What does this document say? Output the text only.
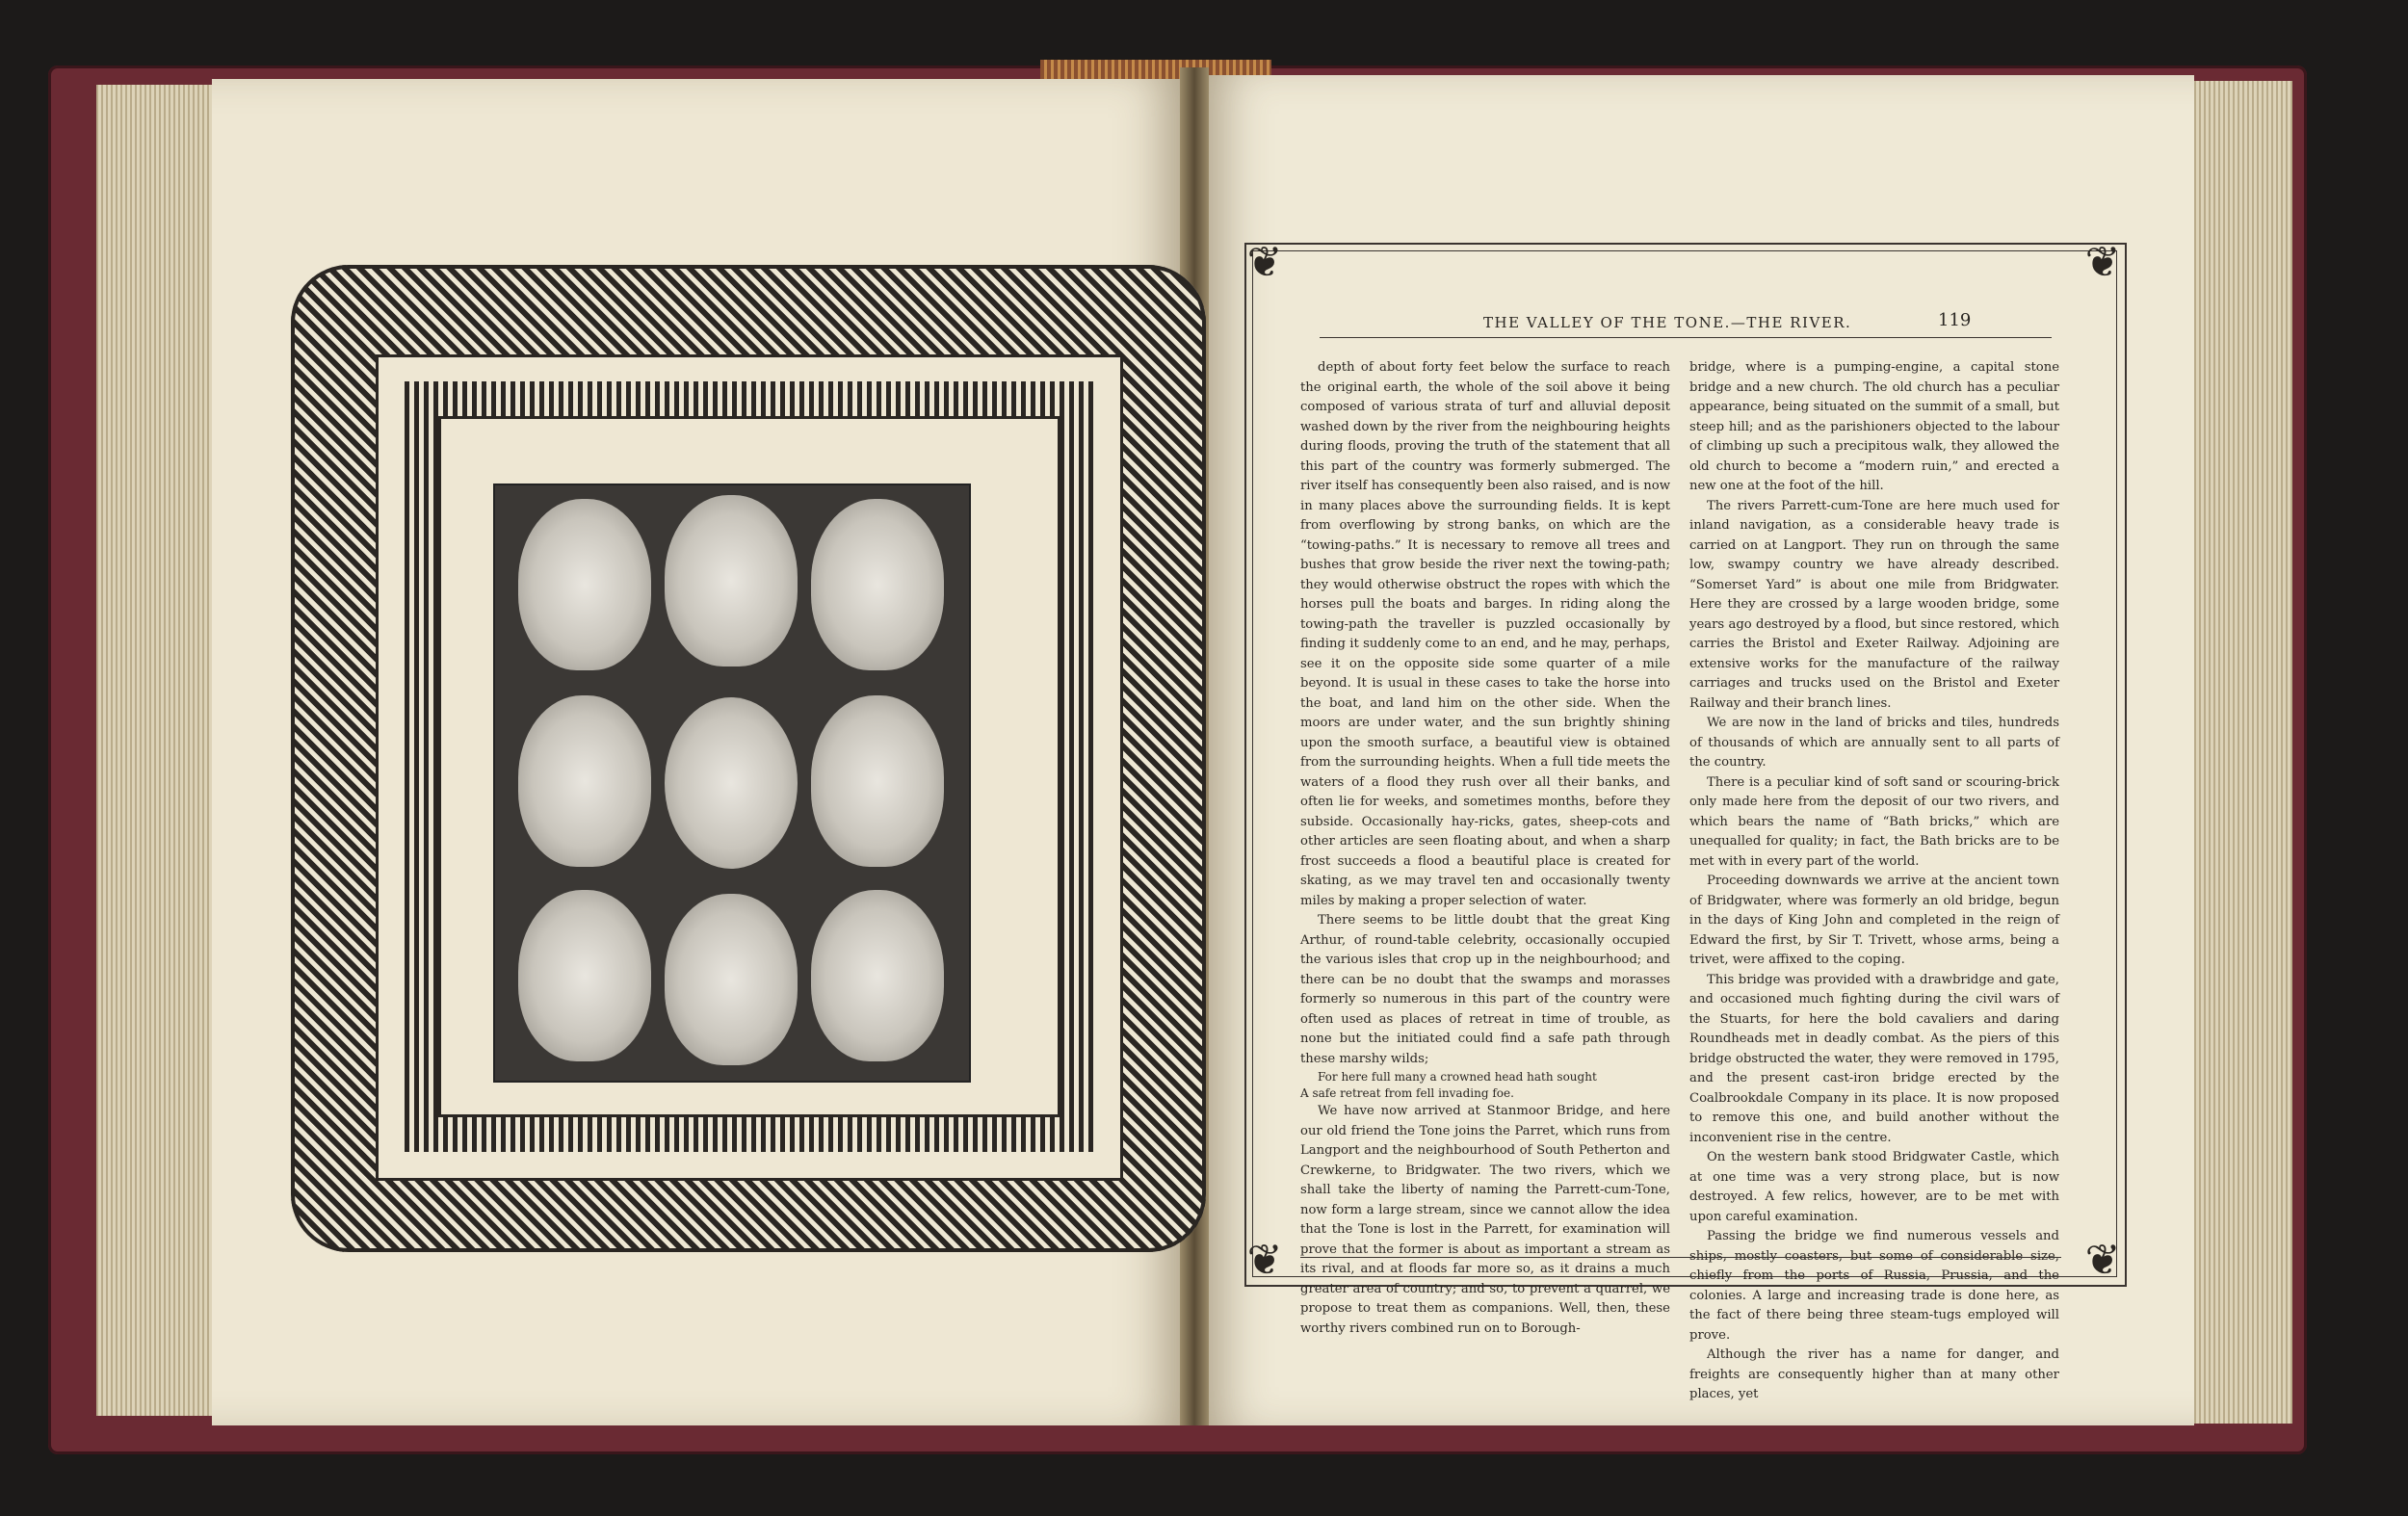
❦	❦
❦	❦
THE VALLEY OF THE TONE.—THE RIVER.	119

depth of about forty feet below the surface to reach the original earth, the whole of the soil above it being composed of various strata of turf and alluvial deposit washed down by the river from the neighbouring heights during floods, proving the truth of the statement that all this part of the country was formerly submerged. The river itself has consequently been also raised, and is now in many places above the surrounding fields. It is kept from overflowing by strong banks, on which are the “towing-paths.” It is necessary to remove all trees and bushes that grow beside the river next the towing-path; they would otherwise obstruct the ropes with which the horses pull the boats and barges. In riding along the towing-path the traveller is puzzled occasionally by finding it suddenly come to an end, and he may, perhaps, see it on the opposite side some quarter of a mile beyond. It is usual in these cases to take the horse into the boat, and land him on the other side. When the moors are under water, and the sun brightly shining upon the smooth surface, a beautiful view is obtained from the surrounding heights. When a full tide meets the waters of a flood they rush over all their banks, and often lie for weeks, and sometimes months, before they subside. Occasionally hay-ricks, gates, sheep-cots and other articles are seen floating about, and when a sharp frost succeeds a flood a beautiful place is created for skating, as we may travel ten and occasionally twenty miles by making a proper selection of water.

There seems to be little doubt that the great King Arthur, of round-table celebrity, occasionally occupied the various isles that crop up in the neighbourhood; and there can be no doubt that the swamps and morasses formerly so numerous in this part of the country were often used as places of retreat in time of trouble, as none but the initiated could find a safe path through these marshy wilds;

For here full many a crowned head hath sought
A safe retreat from fell invading foe.

We have now arrived at Stanmoor Bridge, and here our old friend the Tone joins the Parret, which runs from Langport and the neighbourhood of South Petherton and Crewkerne, to Bridgwater. The two rivers, which we shall take the liberty of naming the Parrett-cum-Tone, now form a large stream, since we cannot allow the idea that the Tone is lost in the Parrett, for examination will prove that the former is about as important a stream as its rival, and at floods far more so, as it drains a much greater area of country; and so, to prevent a quarrel, we propose to treat them as companions. Well, then, these worthy rivers combined run on to Borough-

bridge, where is a pumping-engine, a capital stone bridge and a new church. The old church has a peculiar appearance, being situated on the summit of a small, but steep hill; and as the parishioners objected to the labour of climbing up such a precipitous walk, they allowed the old church to become a “modern ruin,” and erected a new one at the foot of the hill.

The rivers Parrett-cum-Tone are here much used for inland navigation, as a considerable heavy trade is carried on at Langport. They run on through the same low, swampy country we have already described. “Somerset Yard” is about one mile from Bridgwater. Here they are crossed by a large wooden bridge, some years ago destroyed by a flood, but since restored, which carries the Bristol and Exeter Railway. Adjoining are extensive works for the manufacture of the railway carriages and trucks used on the Bristol and Exeter Railway and their branch lines.

We are now in the land of bricks and tiles, hundreds of thousands of which are annually sent to all parts of the country.

There is a peculiar kind of soft sand or scouring-brick only made here from the deposit of our two rivers, and which bears the name of “Bath bricks,” which are unequalled for quality; in fact, the Bath bricks are to be met with in every part of the world.

Proceeding downwards we arrive at the ancient town of Bridgwater, where was formerly an old bridge, begun in the days of King John and completed in the reign of Edward the first, by Sir T. Trivett, whose arms, being a trivet, were affixed to the coping.

This bridge was provided with a drawbridge and gate, and occasioned much fighting during the civil wars of the Stuarts, for here the bold cavaliers and daring Roundheads met in deadly combat. As the piers of this bridge obstructed the water, they were removed in 1795, and the present cast-iron bridge erected by the Coalbrookdale Company in its place. It is now proposed to remove this one, and build another without the inconvenient rise in the centre.

On the western bank stood Bridgwater Castle, which at one time was a very strong place, but is now destroyed. A few relics, however, are to be met with upon careful examination.

Passing the bridge we find numerous vessels and ships, mostly coasters, but some of considerable size, chiefly from the ports of Russia, Prussia, and the colonies. A large and increasing trade is done here, as the fact of there being three steam-tugs employed will prove.

Although the river has a name for danger, and freights are consequently higher than at many other places, yet
